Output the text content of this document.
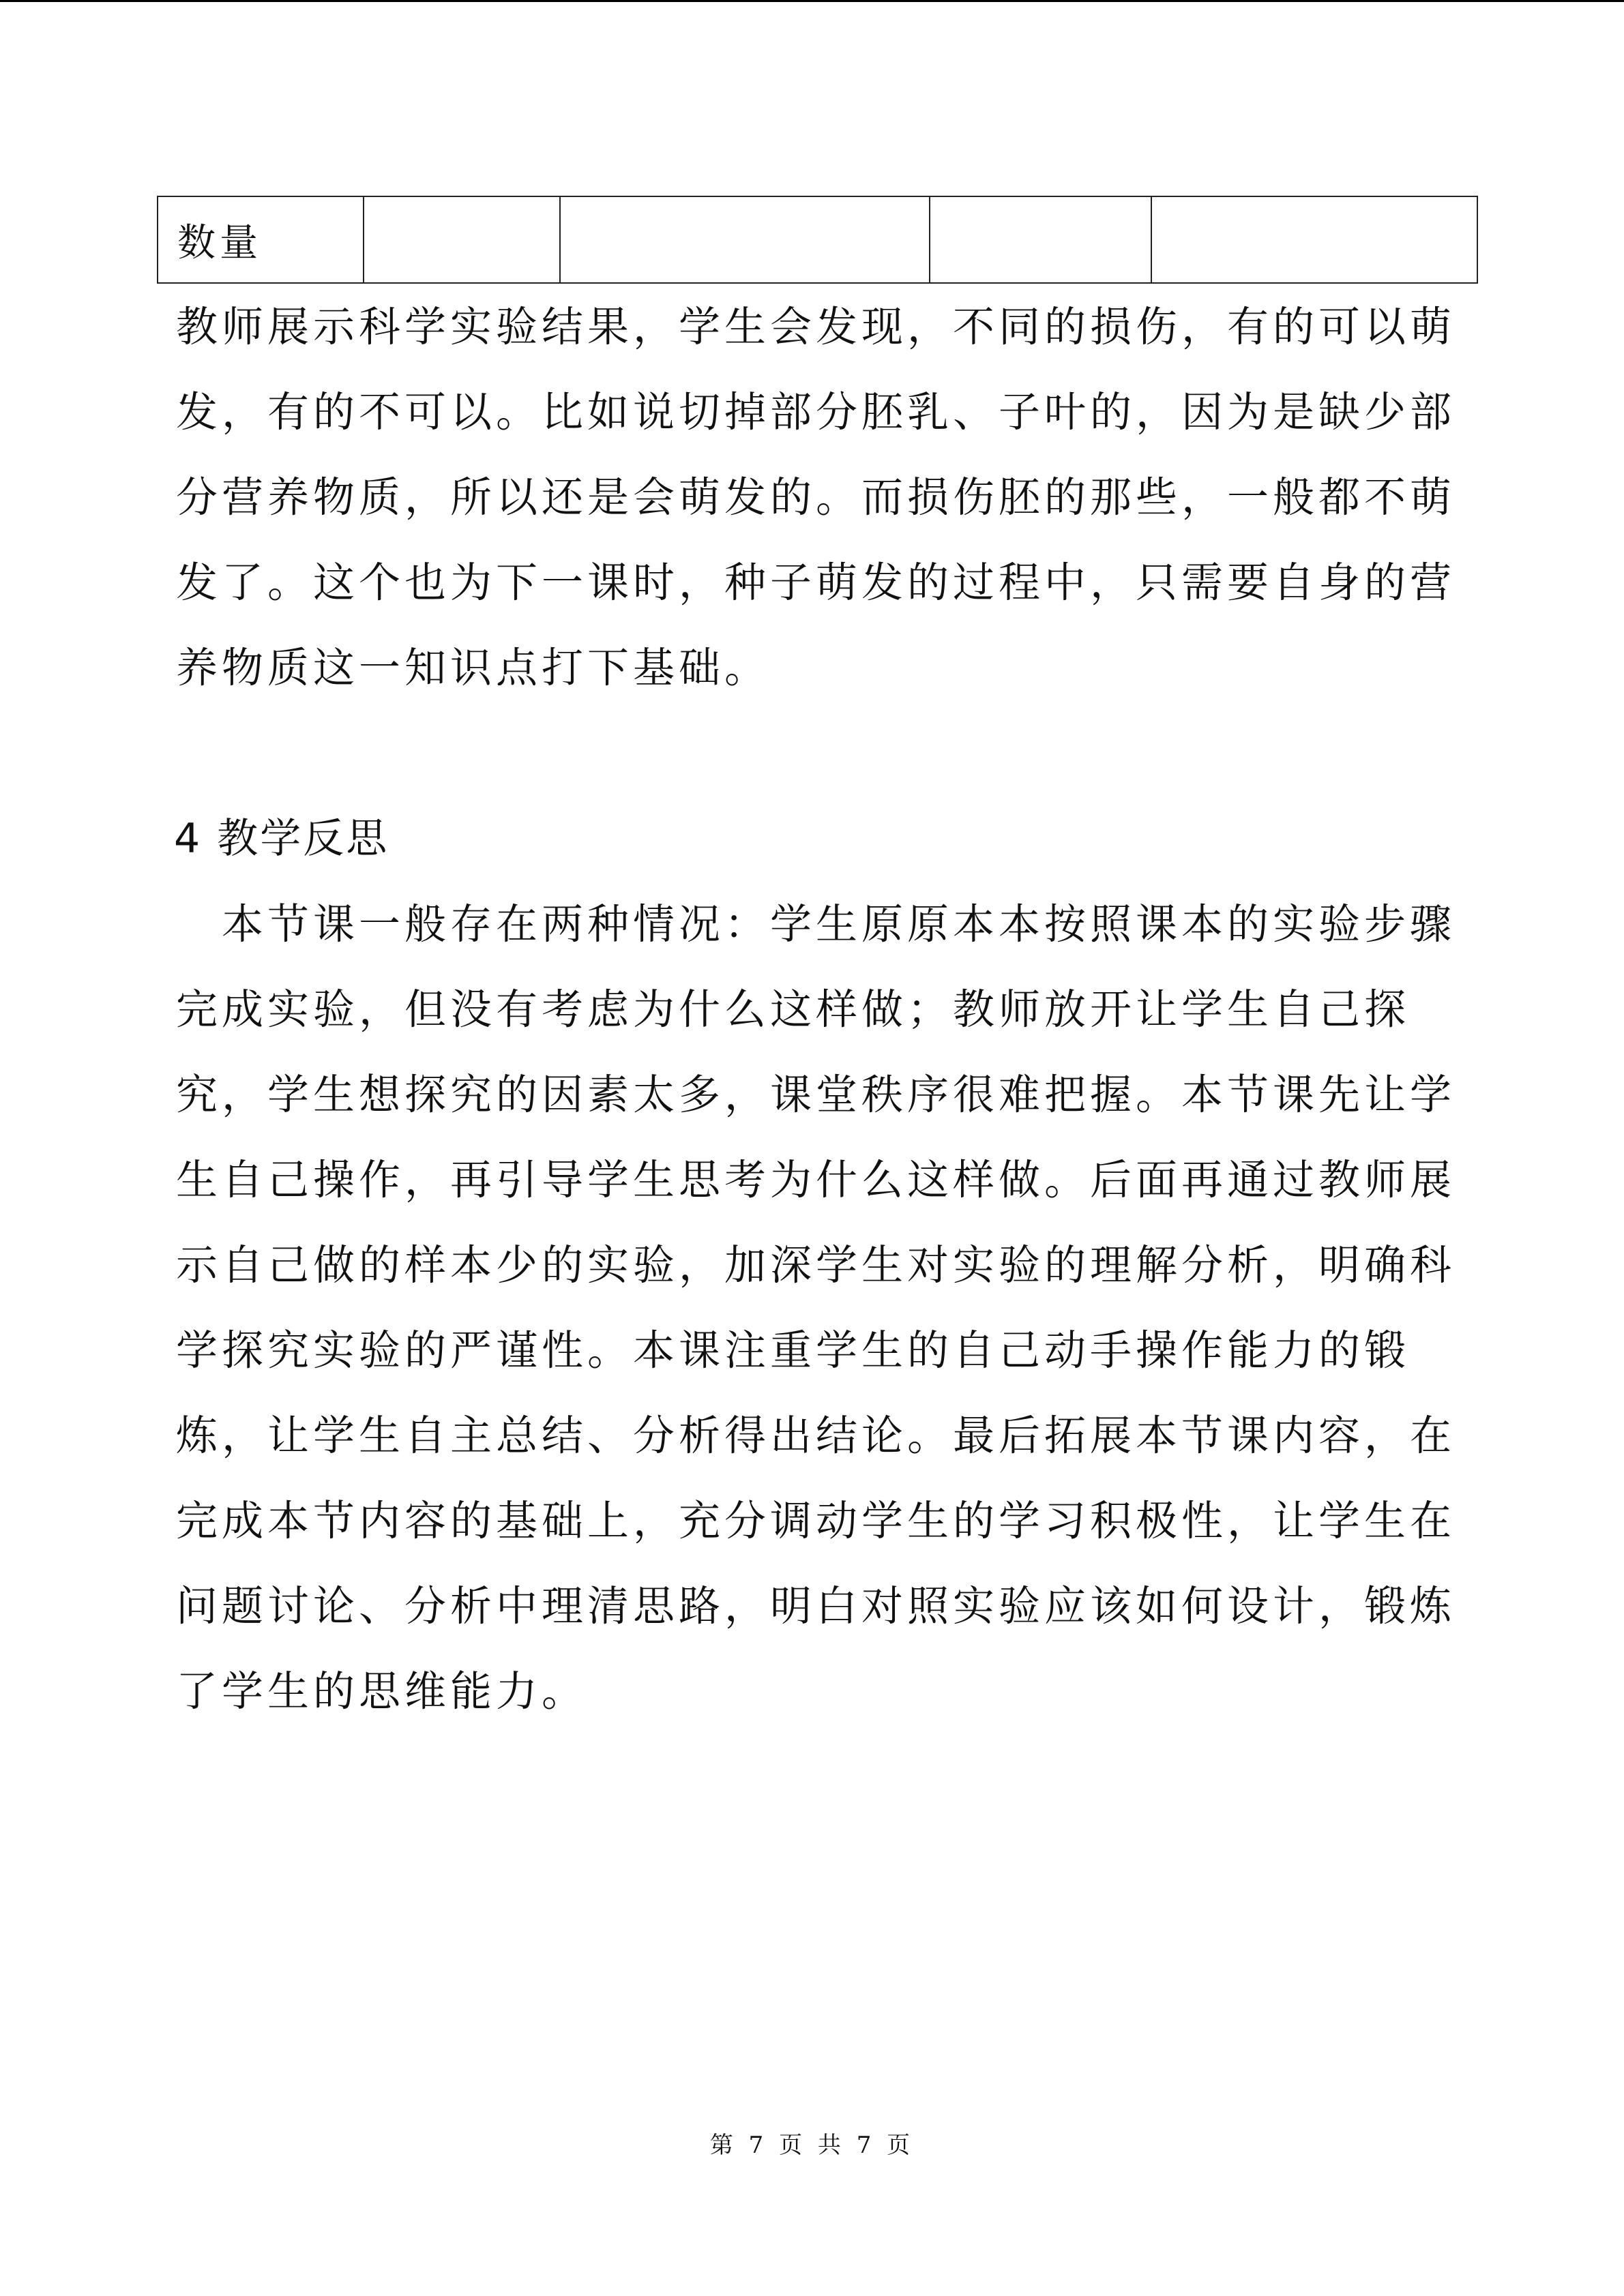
数量				
教师展示科学实验结果，学生会发现，不同的损伤，有的可以萌
发，有的不可以。比如说切掉部分胚乳、子叶的，因为是缺少部
分营养物质，所以还是会萌发的。而损伤胚的那些，一般都不萌
发了。这个也为下一课时，种子萌发的过程中，只需要自身的营
养物质这一知识点打下基础。
4 教学反思
　本节课一般存在两种情况：学生原原本本按照课本的实验步骤
完成实验，但没有考虑为什么这样做；教师放开让学生自己探
究，学生想探究的因素太多，课堂秩序很难把握。本节课先让学
生自己操作，再引导学生思考为什么这样做。后面再通过教师展
示自己做的样本少的实验，加深学生对实验的理解分析，明确科
学探究实验的严谨性。本课注重学生的自己动手操作能力的锻
炼，让学生自主总结、分析得出结论。最后拓展本节课内容，在
完成本节内容的基础上，充分调动学生的学习积极性，让学生在
问题讨论、分析中理清思路，明白对照实验应该如何设计，锻炼
了学生的思维能力。
第 7 页 共 7 页
